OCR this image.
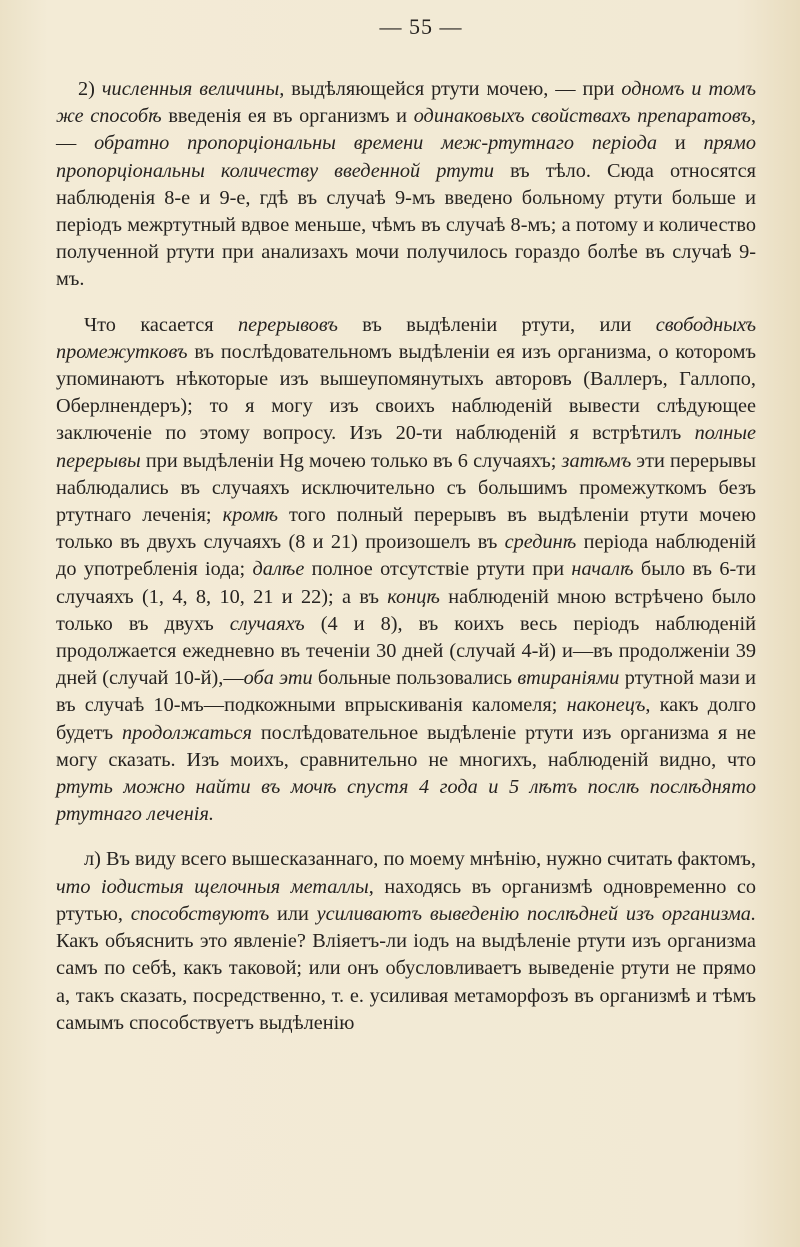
— 55 —

2) численныя величины, выдѣляющейся ртути мочею, — при одномъ и томъ же способѣ введенія ея въ организмъ и одинаковыхъ свойствахъ препаратовъ, — обратно пропорціональны времени меж-ртутнаго періода и прямо пропорціональны количеству введенной ртути въ тѣло. Сюда относятся наблюденія 8-е и 9-е, гдѣ въ случаѣ 9-мъ введено больному ртути больше и періодъ межртутный вдвое меньше, чѣмъ въ случаѣ 8-мъ; а потому и количество полученной ртути при анализахъ мочи получилось гораздо болѣе въ случаѣ 9-мъ.

Что касается перерывовъ въ выдѣленіи ртути, или свободныхъ промежутковъ въ послѣдовательномъ выдѣленіи ея изъ организма, о которомъ упоминаютъ нѣкоторые изъ вышеупомянутыхъ авторовъ (Валлеръ, Галлопо, Оберлнендеръ); то я могу изъ своихъ наблюденій вывести слѣдующее заключеніе по этому вопросу. Изъ 20-ти наблюденій я встрѣтилъ полные перерывы при выдѣленіи Hg мочею только въ 6 случаяхъ; затѣмъ эти перерывы наблюдались въ случаяхъ исключительно съ большимъ промежуткомъ безъ ртутнаго леченія; кромѣ того полный перерывъ въ выдѣленіи ртути мочею только въ двухъ случаяхъ (8 и 21) произошелъ въ срединѣ періода наблюденій до употребленія іода; далѣе полное отсутствіе ртути при началѣ было въ 6-ти случаяхъ (1, 4, 8, 10, 21 и 22); а въ концѣ наблюденій мною встрѣчено было только въ двухъ случаяхъ (4 и 8), въ коихъ весь періодъ наблюденій продолжается ежедневно въ теченіи 30 дней (случай 4-й) и—въ продолженіи 39 дней (случай 10-й),—оба эти больные пользовались втираніями ртутной мази и въ случаѣ 10-мъ—подкожными впрыскиванія каломеля; наконецъ, какъ долго будетъ продолжаться послѣдовательное выдѣленіе ртути изъ организма я не могу сказать. Изъ моихъ, сравнительно не многихъ, наблюденій видно, что ртуть можно найти въ мочѣ спустя 4 года и 5 лѣтъ послѣ послѣднято ртутнаго леченія.

л) Въ виду всего вышесказаннаго, по моему мнѣнію, нужно считать фактомъ, что іодистыя щелочныя металлы, находясь въ организмѣ одновременно со ртутью, способствуютъ или усиливаютъ выведенію послѣдней изъ организма. Какъ объяснить это явленіе? Вліяетъ-ли іодъ на выдѣленіе ртути изъ организма самъ по себѣ, какъ таковой; или онъ обусловливаетъ выведеніе ртути не прямо а, такъ сказать, посредственно, т. е. усиливая метаморфозъ въ организмѣ и тѣмъ самымъ способствуетъ выдѣленію
